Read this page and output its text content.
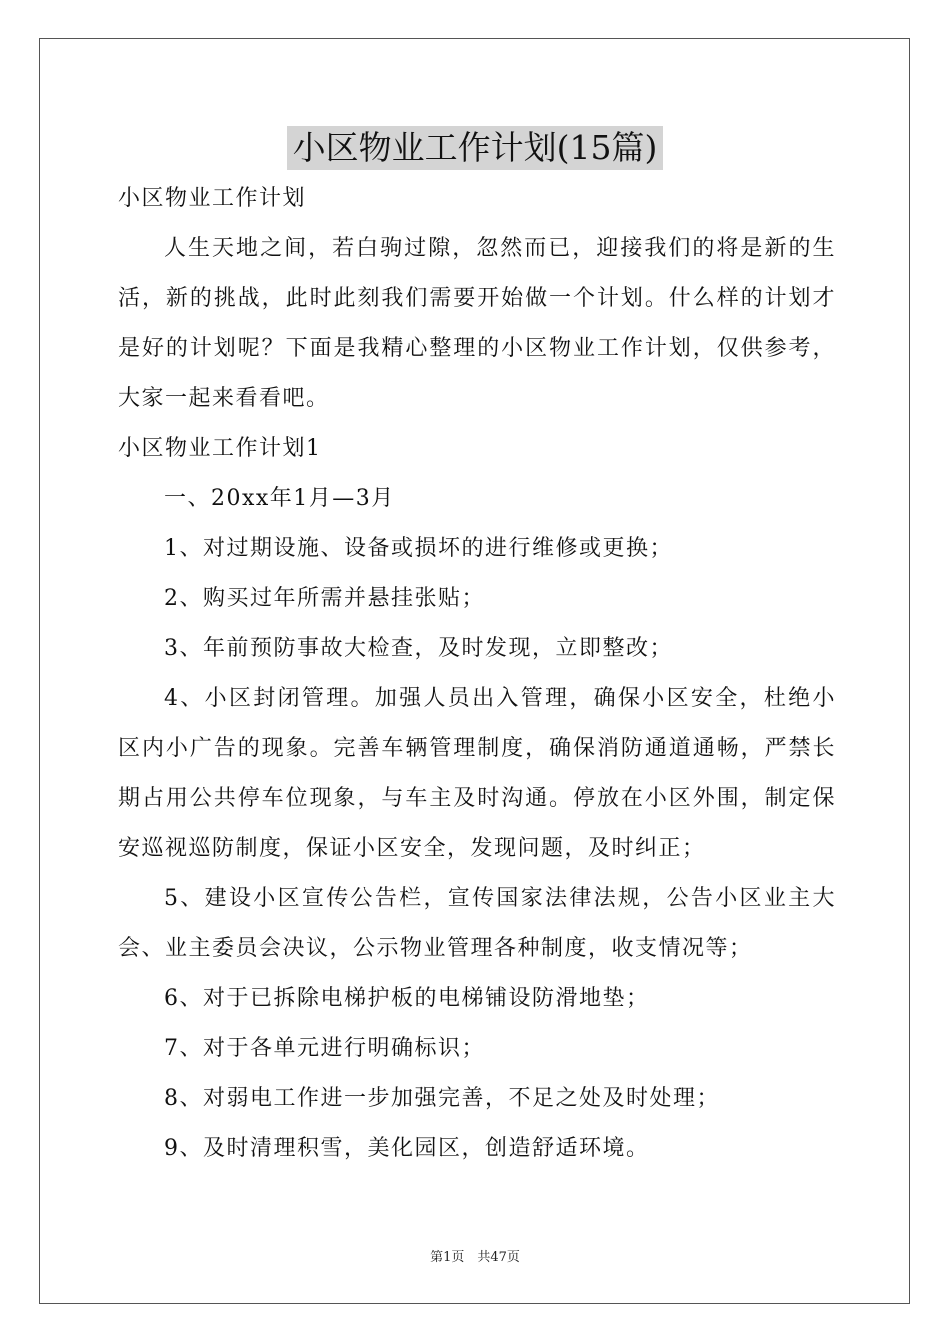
小区物业工作计划(15篇)

小区物业工作计划

人生天地之间，若白驹过隙，忽然而已，迎接我们的将是新的生活，新的挑战，此时此刻我们需要开始做一个计划。什么样的计划才是好的计划呢？下面是我精心整理的小区物业工作计划，仅供参考，大家一起来看看吧。

小区物业工作计划1

一、20xx年1月—3月

1、对过期设施、设备或损坏的进行维修或更换；

2、购买过年所需并悬挂张贴；

3、年前预防事故大检查，及时发现，立即整改；

4、小区封闭管理。加强人员出入管理，确保小区安全，杜绝小区内小广告的现象。完善车辆管理制度，确保消防通道通畅，严禁长期占用公共停车位现象，与车主及时沟通。停放在小区外围，制定保安巡视巡防制度，保证小区安全，发现问题，及时纠正；

5、建设小区宣传公告栏，宣传国家法律法规，公告小区业主大会、业主委员会决议，公示物业管理各种制度，收支情况等；

6、对于已拆除电梯护板的电梯铺设防滑地垫；

7、对于各单元进行明确标识；

8、对弱电工作进一步加强完善，不足之处及时处理；

9、及时清理积雪，美化园区，创造舒适环境。

第1页　共47页
